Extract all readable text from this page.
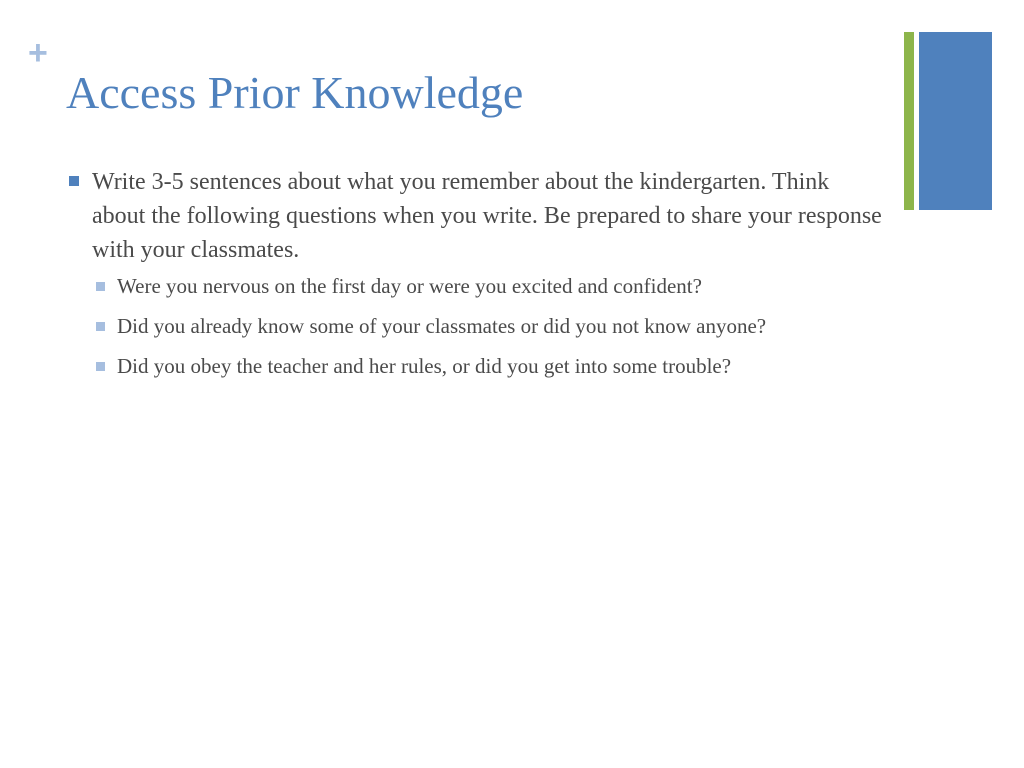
+
Access Prior Knowledge

Write 3-5 sentences about what you remember about the kindergarten. Think about the following questions when you write. Be prepared to share your response with your classmates.

Were you nervous on the first day or were you excited and confident?
Did you already know some of your classmates or did you not know anyone?
Did you obey the teacher and her rules, or did you get into some trouble?
